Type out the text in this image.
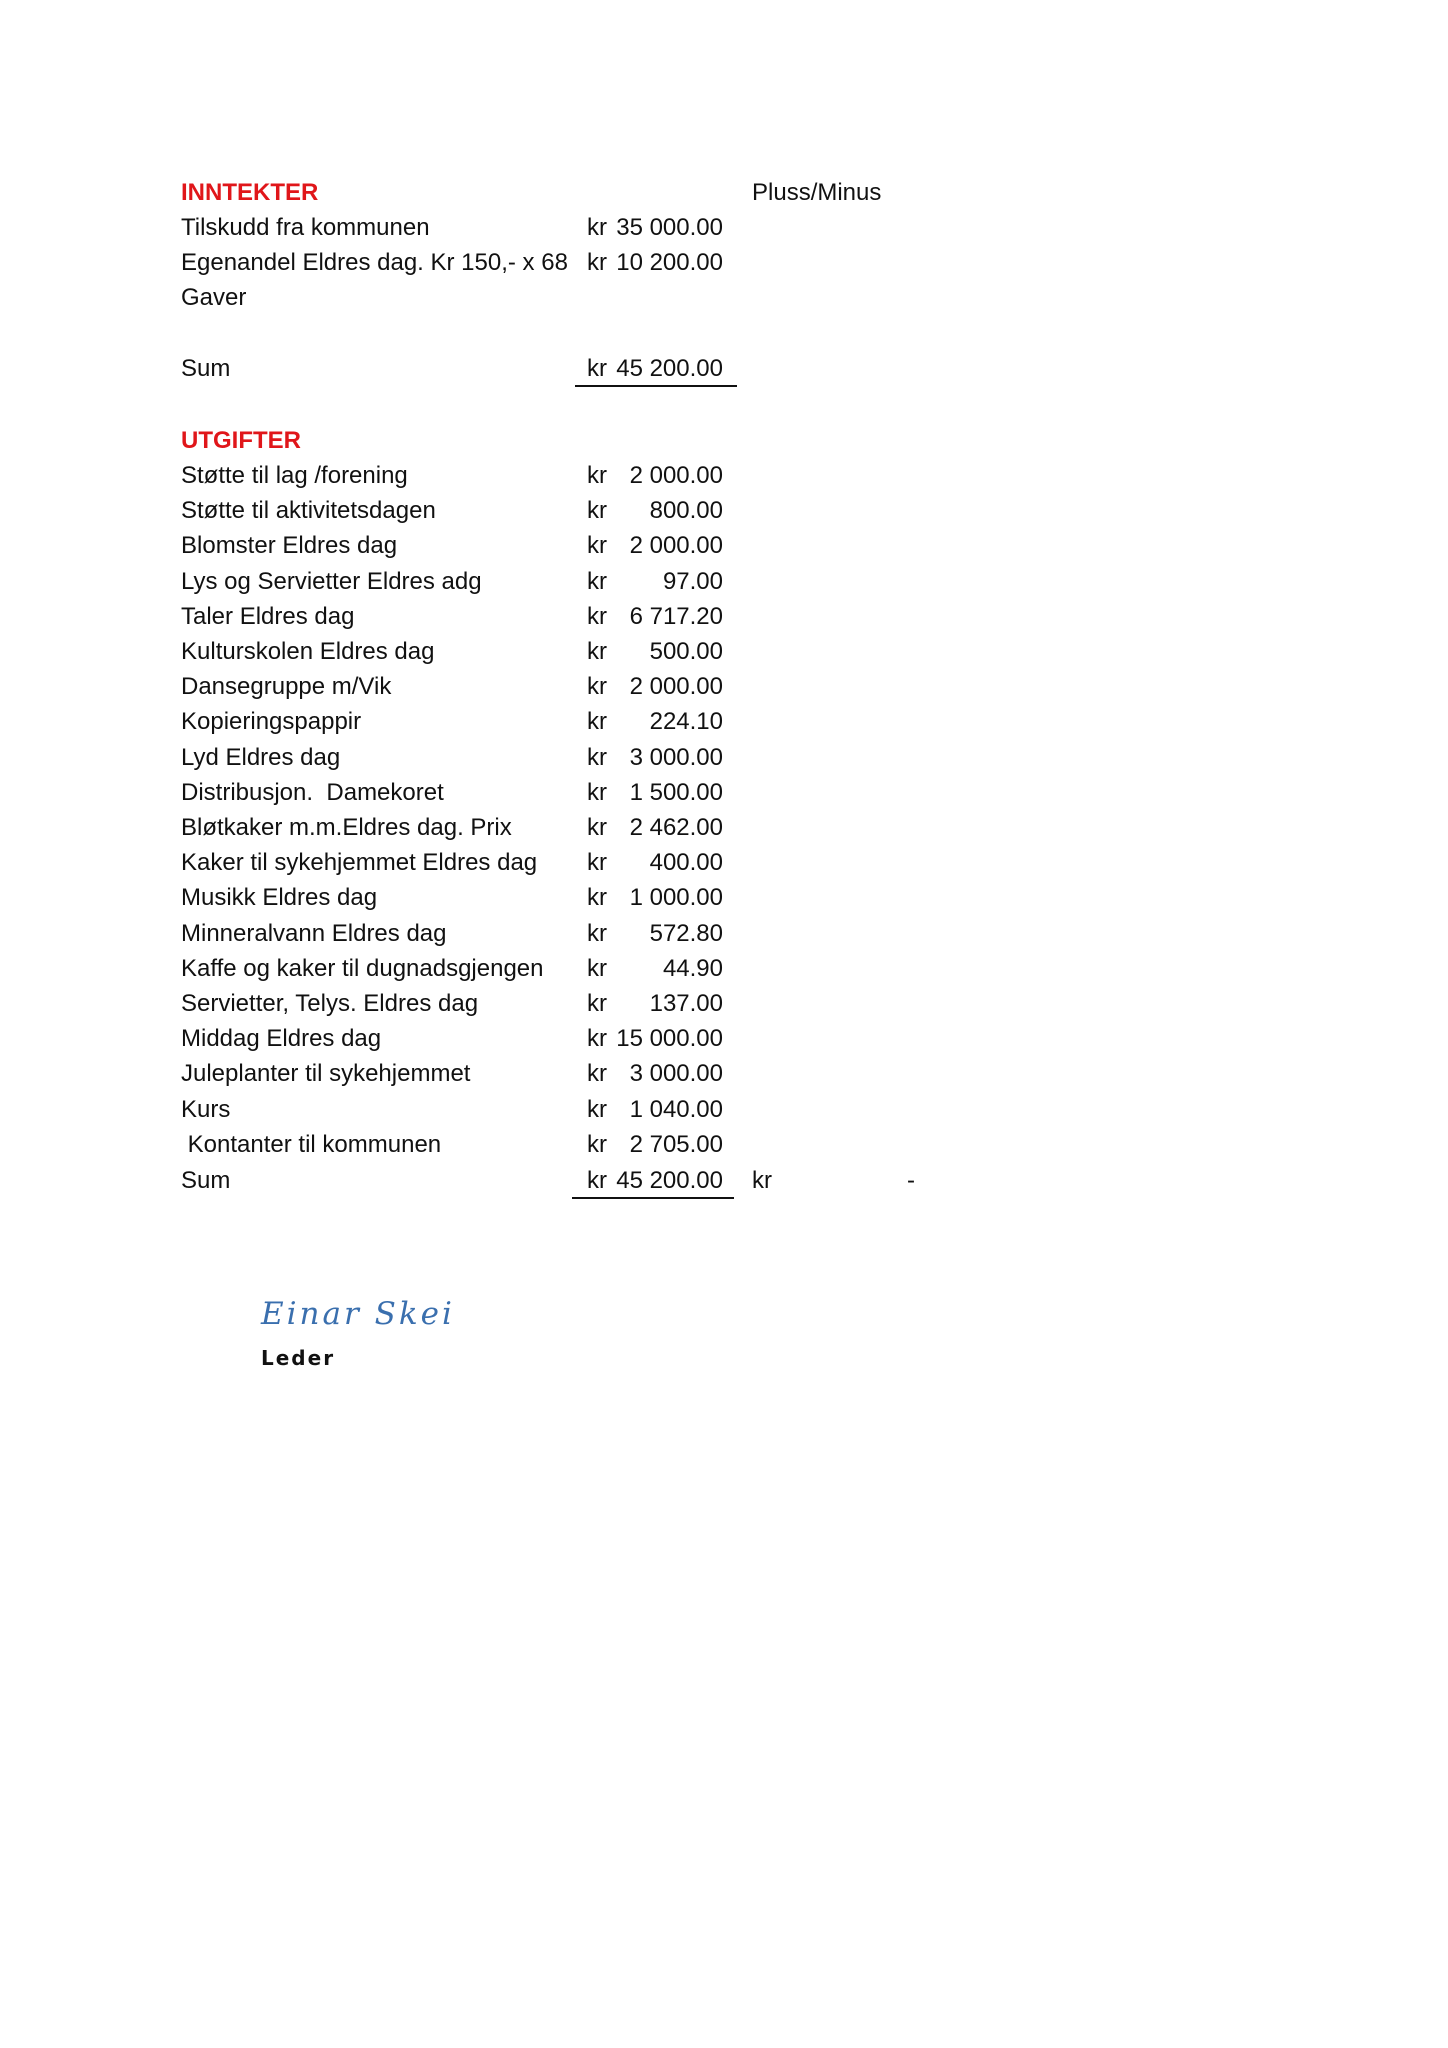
INNTEKTER	Pluss/Minus
Tilskudd fra kommunen	kr 35 000.00
Egenandel Eldres dag. Kr 150,- x 68 kr 10 200.00
Gaver
Sum	kr 45 200.00
UTGIFTER
Støtte til lag /forening	kr 2 000.00
Støtte til aktivitetsdagen	kr	800.00
Blomster Eldres dag	kr 2 000.00
Lys og Servietter Eldres adg	kr	97.00
Taler Eldres dag	kr 6 717.20
Kulturskolen Eldres dag	kr	500.00
Dansegruppe m/Vik	kr 2 000.00
Kopieringspappir	kr	224.10
Lyd Eldres dag	kr 3 000.00
Distribusjon.  Damekoret	kr 1 500.00
Bløtkaker m.m.Eldres dag. Prix	kr 2 462.00
Kaker til sykehjemmet Eldres dag kr	400.00
Musikk Eldres dag	kr 1 000.00
Minneralvann Eldres dag	kr	572.80
Kaffe og kaker til dugnadsgjengen kr	44.90
Servietter, Telys. Eldres dag	kr	137.00
Middag Eldres dag	kr 15 000.00
Juleplanter til sykehjemmet	kr 3 000.00
Kurs	kr 1 040.00
Kontanter til kommunen	kr 2 705.00
Sum	kr 45 200.00 kr	-
Einar Skei
Leder
